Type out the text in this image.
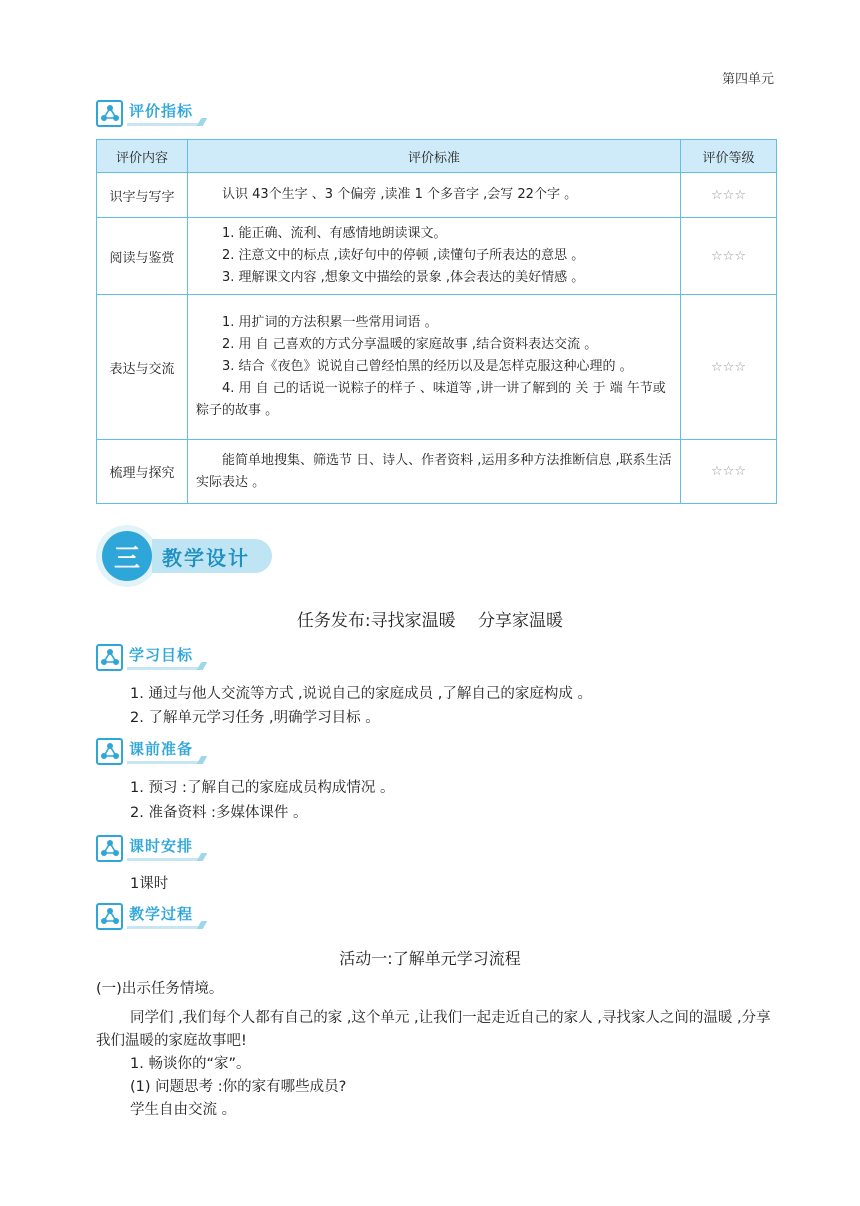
第四单元
评价指标
评价内容	评价标准	评价等级
识字与写字	认识 43个生字 、3 个偏旁 ,读准 1 个多音字 ,会写 22个字 。	☆☆☆
阅读与鉴赏	1. 能正确、流利、有感情地朗读课文。

2. 注意文中的标点 ,读好句中的停顿 ,读懂句子所表达的意思 。

3. 理解课文内容 ,想象文中描绘的景象 ,体会表达的美好情感 。	☆☆☆
表达与交流	1. 用扩词的方法积累一些常用词语 。

2. 用 自 己喜欢的方式分享温暖的家庭故事 ,结合资料表达交流 。

3. 结合《夜色》说说自己曾经怕黑的经历以及是怎样克服这种心理的 。

4. 用 自 己的话说一说粽子的样子 、味道等 ,讲一讲了解到的 关 于 端 午节或粽子的故事 。	☆☆☆
梳理与探究	能简单地搜集、筛选节 日、诗人、作者资料 ,运用多种方法推断信息 ,联系生活实际表达 。	☆☆☆
三	教学设计
任务发布:寻找家温暖　 分享家温暖
学习目标
1. 通过与他人交流等方式 ,说说自己的家庭成员 ,了解自己的家庭构成 。
2. 了解单元学习任务 ,明确学习目标 。
课前准备
1. 预习 :了解自己的家庭成员构成情况 。
2. 准备资料 :多媒体课件 。
课时安排
1课时
教学过程
活动一:了解单元学习流程

(一)出示任务情境。

同学们 ,我们每个人都有自己的家 ,这个单元 ,让我们一起走近自己的家人 ,寻找家人之间的温暖 ,分享我们温暖的家庭故事吧!

1. 畅谈你的“家”。

(1) 问题思考 :你的家有哪些成员?

学生自由交流 。
